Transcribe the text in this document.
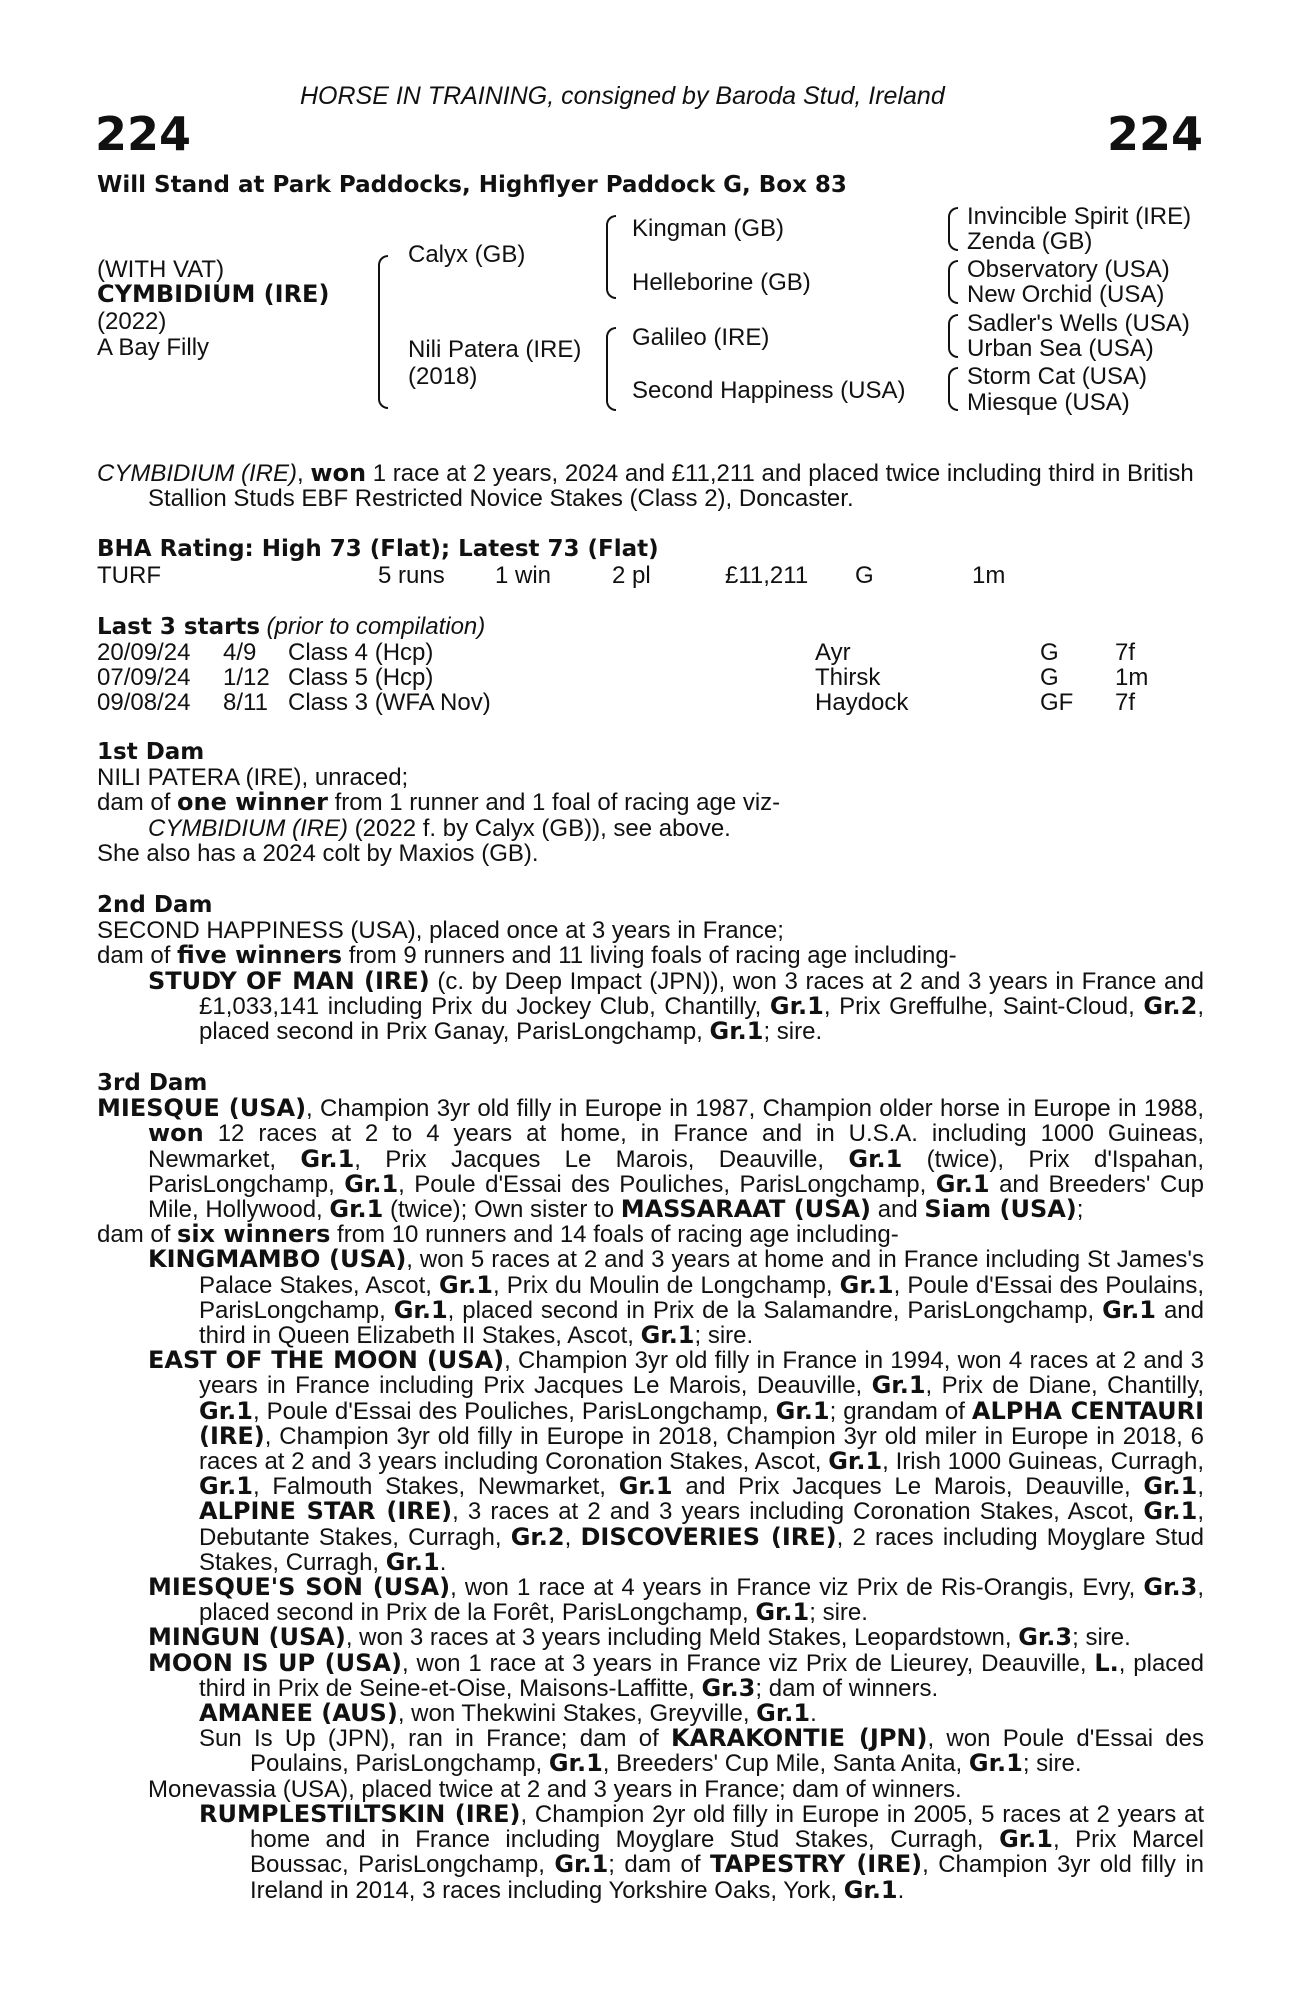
HORSE IN TRAINING, consigned by Baroda Stud, Ireland
224	224
Will Stand at Park Paddocks, Highflyer Paddock G, Box 83
(WITH VAT)
CYMBIDIUM (IRE)
(2022)
A Bay Filly
Calyx (GB)
Nili Patera (IRE)
(2018)
Kingman (GB)
Helleborine (GB)
Galileo (IRE)
Second Happiness (USA)
Invincible Spirit (IRE)
Zenda (GB)
Observatory (USA)
New Orchid (USA)
Sadler's Wells (USA)
Urban Sea (USA)
Storm Cat (USA)
Miesque (USA)

CYMBIDIUM (IRE), won 1 race at 2 years, 2024 and £11,211 and placed twice including third in British Stallion Studs EBF Restricted Novice Stakes (Class 2), Doncaster.

BHA Rating: High 73 (Flat); Latest 73 (Flat)
TURF	5 runs 1 win	2 pl	£11,211 G	1m
Last 3 starts (prior to compilation)
20/09/24 4/9 Class 4 (Hcp)	Ayr	G 7f
07/09/24 1/12 Class 5 (Hcp)	Thirsk	G 1m
09/08/24 8/11 Class 3 (WFA Nov)	Haydock	GF 7f

1st Dam

NILI PATERA (IRE), unraced;

dam of one winner from 1 runner and 1 foal of racing age viz-

CYMBIDIUM (IRE) (2022 f. by Calyx (GB)), see above.

She also has a 2024 colt by Maxios (GB).

2nd Dam

SECOND HAPPINESS (USA), placed once at 3 years in France;

dam of five winners from 9 runners and 11 living foals of racing age including-

STUDY OF MAN (IRE) (c. by Deep Impact (JPN)), won 3 races at 2 and 3 years in France and £1,033,141 including Prix du Jockey Club, Chantilly, Gr.1, Prix Greffulhe, Saint-Cloud, Gr.2, placed second in Prix Ganay, ParisLongchamp, Gr.1; sire.

3rd Dam

MIESQUE (USA), Champion 3yr old filly in Europe in 1987, Champion older horse in Europe in 1988, won 12 races at 2 to 4 years at home, in France and in U.S.A. including 1000 Guineas, Newmarket, Gr.1, Prix Jacques Le Marois, Deauville, Gr.1 (twice), Prix d'Ispahan, ParisLongchamp, Gr.1, Poule d'Essai des Pouliches, ParisLongchamp, Gr.1 and Breeders' Cup Mile, Hollywood, Gr.1 (twice); Own sister to MASSARAAT (USA) and Siam (USA);

dam of six winners from 10 runners and 14 foals of racing age including-

KINGMAMBO (USA), won 5 races at 2 and 3 years at home and in France including St James's Palace Stakes, Ascot, Gr.1, Prix du Moulin de Longchamp, Gr.1, Poule d'Essai des Poulains, ParisLongchamp, Gr.1, placed second in Prix de la Salamandre, ParisLongchamp, Gr.1 and third in Queen Elizabeth II Stakes, Ascot, Gr.1; sire.

EAST OF THE MOON (USA), Champion 3yr old filly in France in 1994, won 4 races at 2 and 3 years in France including Prix Jacques Le Marois, Deauville, Gr.1, Prix de Diane, Chantilly, Gr.1, Poule d'Essai des Pouliches, ParisLongchamp, Gr.1; grandam of ALPHA CENTAURI (IRE), Champion 3yr old filly in Europe in 2018, Champion 3yr old miler in Europe in 2018, 6 races at 2 and 3 years including Coronation Stakes, Ascot, Gr.1, Irish 1000 Guineas, Curragh, Gr.1, Falmouth Stakes, Newmarket, Gr.1 and Prix Jacques Le Marois, Deauville, Gr.1, ALPINE STAR (IRE), 3 races at 2 and 3 years including Coronation Stakes, Ascot, Gr.1, Debutante Stakes, Curragh, Gr.2, DISCOVERIES (IRE), 2 races including Moyglare Stud Stakes, Curragh, Gr.1.

MIESQUE'S SON (USA), won 1 race at 4 years in France viz Prix de Ris-Orangis, Evry, Gr.3, placed second in Prix de la Forêt, ParisLongchamp, Gr.1; sire.

MINGUN (USA), won 3 races at 3 years including Meld Stakes, Leopardstown, Gr.3; sire.

MOON IS UP (USA), won 1 race at 3 years in France viz Prix de Lieurey, Deauville, L., placed third in Prix de Seine-et-Oise, Maisons-Laffitte, Gr.3; dam of winners.

AMANEE (AUS), won Thekwini Stakes, Greyville, Gr.1.

Sun Is Up (JPN), ran in France; dam of KARAKONTIE (JPN), won Poule d'Essai des Poulains, ParisLongchamp, Gr.1, Breeders' Cup Mile, Santa Anita, Gr.1; sire.

Monevassia (USA), placed twice at 2 and 3 years in France; dam of winners.

RUMPLESTILTSKIN (IRE), Champion 2yr old filly in Europe in 2005, 5 races at 2 years at home and in France including Moyglare Stud Stakes, Curragh, Gr.1, Prix Marcel Boussac, ParisLongchamp, Gr.1; dam of TAPESTRY (IRE), Champion 3yr old filly in Ireland in 2014, 3 races including Yorkshire Oaks, York, Gr.1.
